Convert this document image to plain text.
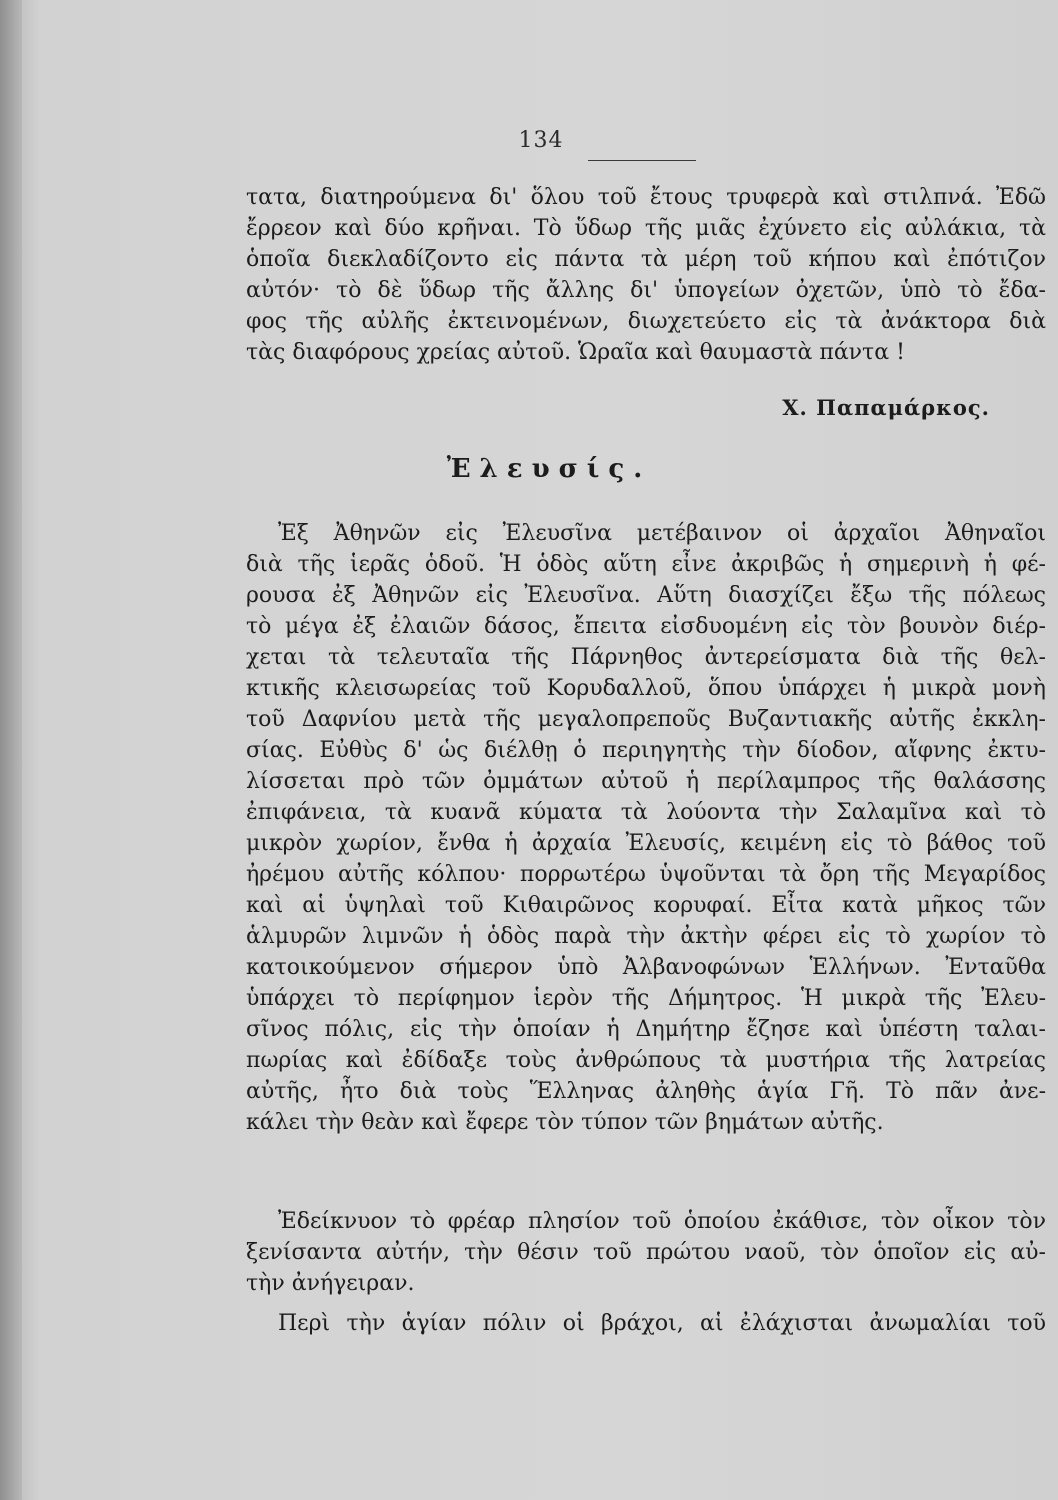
134
τατα, διατηρούμενα δι' ὅλου τοῦ ἔτους τρυφερὰ καὶ στιλπνά. Ἐδῶ
ἔρρεον καὶ δύο κρῆναι. Τὸ ὕδωρ τῆς μιᾶς ἐχύνετο εἰς αὐλάκια, τὰ
ὁποῖα διεκλαδίζοντο εἰς πάντα τὰ μέρη τοῦ κήπου καὶ ἐπότιζον
αὐτόν· τὸ δὲ ὕδωρ τῆς ἄλλης δι' ὑπογείων ὀχετῶν, ὑπὸ τὸ ἔδα-
φος τῆς αὐλῆς ἐκτεινομένων, διωχετεύετο εἰς τὰ ἀνάκτορα διὰ
τὰς διαφόρους χρείας αὐτοῦ. Ὡραῖα καὶ θαυμαστὰ πάντα !
Χ. Παπαμάρκος.
Ἐλευσίς.
Ἐξ Ἀθηνῶν εἰς Ἐλευσῖνα μετέβαινον οἱ ἀρχαῖοι Ἀθηναῖοι
διὰ τῆς ἱερᾶς ὁδοῦ. Ἡ ὁδὸς αὕτη εἶνε ἀκριβῶς ἡ σημερινὴ ἡ φέ-
ρουσα ἐξ Ἀθηνῶν εἰς Ἐλευσῖνα. Αὕτη διασχίζει ἔξω τῆς πόλεως
τὸ μέγα ἐξ ἐλαιῶν δάσος, ἔπειτα εἰσδυομένη εἰς τὸν βουνὸν διέρ-
χεται τὰ τελευταῖα τῆς Πάρνηθος ἀντερείσματα διὰ τῆς θελ-
κτικῆς κλεισωρείας τοῦ Κορυδαλλοῦ, ὅπου ὑπάρχει ἡ μικρὰ μονὴ
τοῦ Δαφνίου μετὰ τῆς μεγαλοπρεποῦς Βυζαντιακῆς αὐτῆς ἐκκλη-
σίας. Εὐθὺς δ' ὡς διέλθῃ ὁ περιηγητὴς τὴν δίοδον, αἴφνης ἐκτυ-
λίσσεται πρὸ τῶν ὀμμάτων αὐτοῦ ἡ περίλαμπρος τῆς θαλάσσης
ἐπιφάνεια, τὰ κυανᾶ κύματα τὰ λούοντα τὴν Σαλαμῖνα καὶ τὸ
μικρὸν χωρίον, ἔνθα ἡ ἀρχαία Ἐλευσίς, κειμένη εἰς τὸ βάθος τοῦ
ἠρέμου αὐτῆς κόλπου· πορρωτέρω ὑψοῦνται τὰ ὄρη τῆς Μεγαρίδος
καὶ αἱ ὑψηλαὶ τοῦ Κιθαιρῶνος κορυφαί. Εἶτα κατὰ μῆκος τῶν
ἁλμυρῶν λιμνῶν ἡ ὁδὸς παρὰ τὴν ἀκτὴν φέρει εἰς τὸ χωρίον τὸ
κατοικούμενον σήμερον ὑπὸ Ἀλβανοφώνων Ἑλλήνων. Ἐνταῦθα
ὑπάρχει τὸ περίφημον ἱερὸν τῆς Δήμητρος. Ἡ μικρὰ τῆς Ἐλευ-
σῖνος πόλις, εἰς τὴν ὁποίαν ἡ Δημήτηρ ἔζησε καὶ ὑπέστη ταλαι-
πωρίας καὶ ἐδίδαξε τοὺς ἀνθρώπους τὰ μυστήρια τῆς λατρείας
αὐτῆς, ἦτο διὰ τοὺς Ἕλληνας ἀληθὴς ἁγία Γῆ. Τὸ πᾶν ἀνε-
κάλει τὴν θεὰν καὶ ἔφερε τὸν τύπον τῶν βημάτων αὐτῆς.
Ἐδείκνυον τὸ φρέαρ πλησίον τοῦ ὁποίου ἐκάθισε, τὸν οἶκον τὸν
ξενίσαντα αὐτήν, τὴν θέσιν τοῦ πρώτου ναοῦ, τὸν ὁποῖον εἰς αὐ-
τὴν ἀνήγειραν.
Περὶ τὴν ἁγίαν πόλιν οἱ βράχοι, αἱ ἐλάχισται ἀνωμαλίαι τοῦ
